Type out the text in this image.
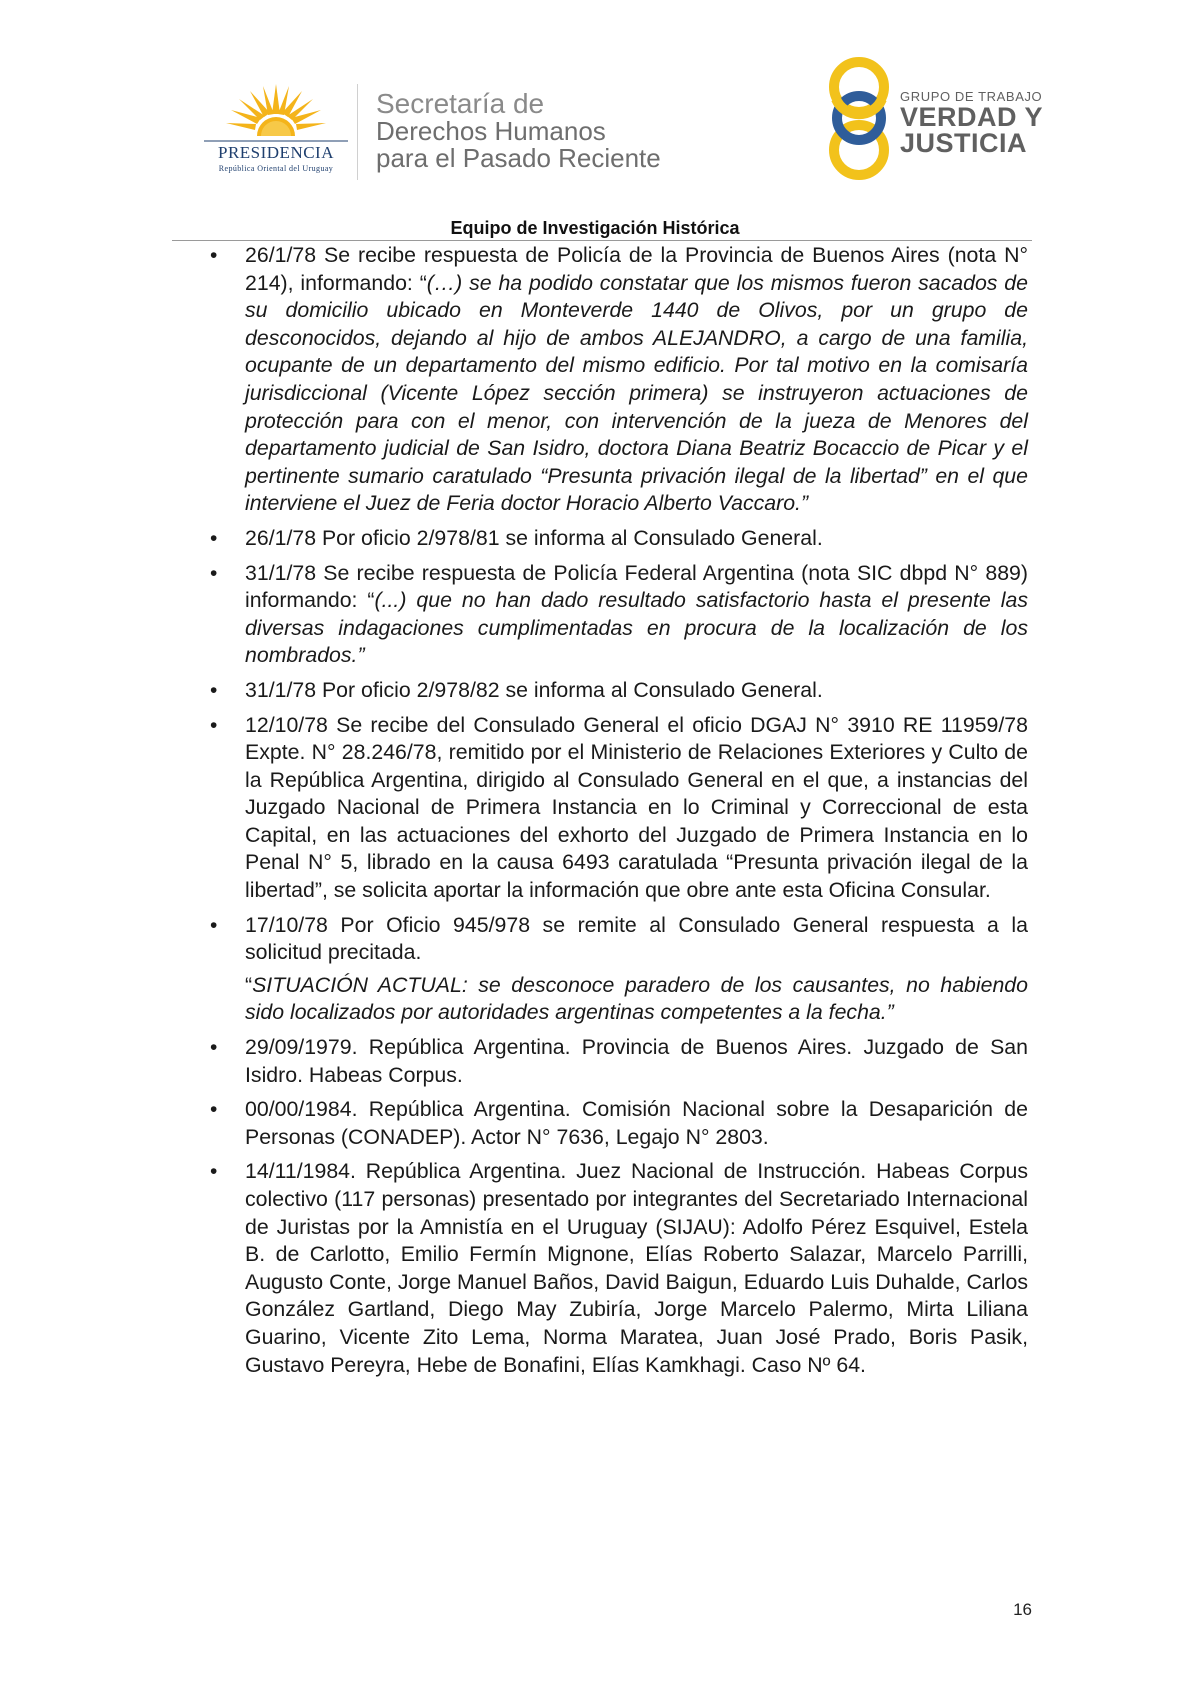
PRESIDENCIA
República Oriental del Uruguay
Secretaría de
Derechos Humanos
para el Pasado Reciente
GRUPO DE TRABAJO
VERDAD Y
JUSTICIA
Equipo de Investigación Histórica
• 26/1/78 Se recibe respuesta de Policía de la Provincia de Buenos Aires (nota N° 214), informando: “(…) se ha podido constatar que los mismos fueron sacados de su domicilio ubicado en Monteverde 1440 de Olivos, por un grupo de desconocidos, dejando al hijo de ambos ALEJANDRO, a cargo de una familia, ocupante de un departamento del mismo edificio. Por tal motivo en la comisaría jurisdiccional (Vicente López sección primera) se instruyeron actuaciones de protección para con el menor, con intervención de la jueza de Menores del departamento judicial de San Isidro, doctora Diana Beatriz Bocaccio de Picar y el pertinente sumario caratulado “Presunta privación ilegal de la libertad” en el que interviene el Juez de Feria doctor Horacio Alberto Vaccaro.”
• 26/1/78 Por oficio 2/978/81 se informa al Consulado General.
• 31/1/78 Se recibe respuesta de Policía Federal Argentina (nota SIC dbpd N° 889) informando: “(...) que no han dado resultado satisfactorio hasta el presente las diversas indagaciones cumplimentadas en procura de la localización de los nombrados.”
• 31/1/78 Por oficio 2/978/82 se informa al Consulado General.
• 12/10/78 Se recibe del Consulado General el oficio DGAJ N° 3910 RE 11959/78 Expte. N° 28.246/78, remitido por el Ministerio de Relaciones Exteriores y Culto de la República Argentina, dirigido al Consulado General en el que, a instancias del Juzgado Nacional de Primera Instancia en lo Criminal y Correccional de esta Capital, en las actuaciones del exhorto del Juzgado de Primera Instancia en lo Penal N° 5, librado en la causa 6493 caratulada “Presunta privación ilegal de la libertad”, se solicita aportar la información que obre ante esta Oficina Consular.
• 17/10/78 Por Oficio 945/978 se remite al Consulado General respuesta a la solicitud precitada.
“SITUACIÓN ACTUAL: se desconoce paradero de los causantes, no habiendo sido localizados por autoridades argentinas competentes a la fecha.”
• 29/09/1979. República Argentina. Provincia de Buenos Aires. Juzgado de San Isidro. Habeas Corpus.
• 00/00/1984. República Argentina. Comisión Nacional sobre la Desaparición de Personas (CONADEP). Actor N° 7636, Legajo N° 2803.
• 14/11/1984. República Argentina. Juez Nacional de Instrucción. Habeas Corpus colectivo (117 personas) presentado por integrantes del Secretariado Internacional de Juristas por la Amnistía en el Uruguay (SIJAU): Adolfo Pérez Esquivel, Estela B. de Carlotto, Emilio Fermín Mignone, Elías Roberto Salazar, Marcelo Parrilli, Augusto Conte, Jorge Manuel Baños, David Baigun, Eduardo Luis Duhalde, Carlos González Gartland, Diego May Zubiría, Jorge Marcelo Palermo, Mirta Liliana Guarino, Vicente Zito Lema, Norma Maratea, Juan José Prado, Boris Pasik, Gustavo Pereyra, Hebe de Bonafini, Elías Kamkhagi. Caso Nº 64.
16
